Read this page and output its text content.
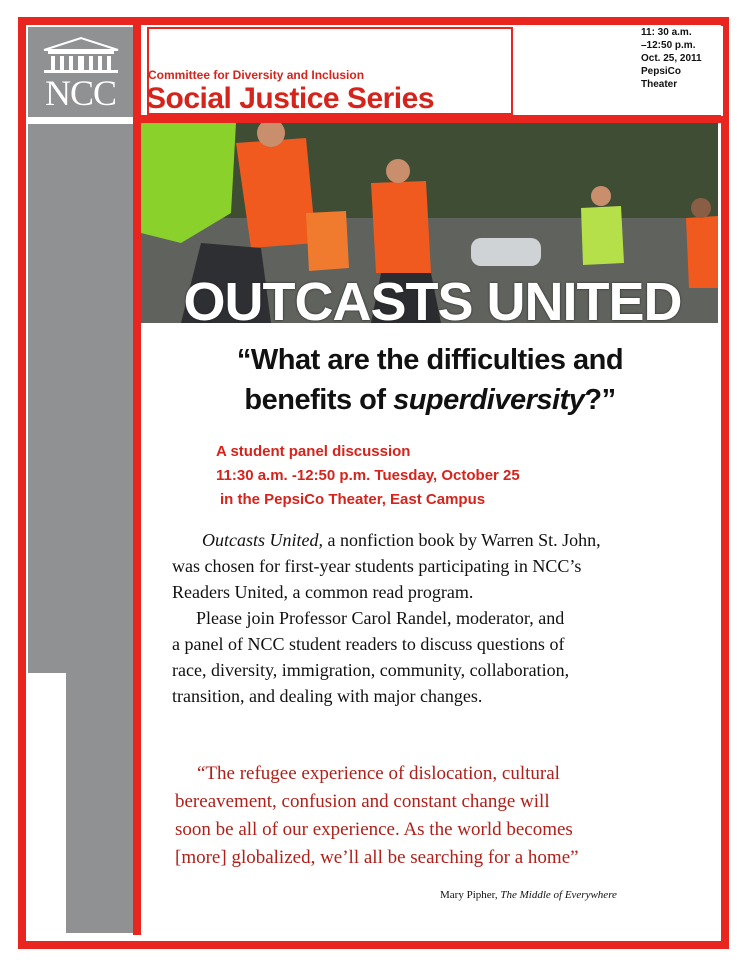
NCC	Committee for Diversity and Inclusion
Social Justice Series
11: 30 a.m.
–12:50 p.m.
Oct. 25, 2011
PepsiCo
Theater
OUTCASTS UNITED
“What are the difficulties and
benefits of superdiversity?”
A student panel discussion
11:30 a.m. -12:50 p.m. Tuesday, October 25
in the PepsiCo Theater, East Campus

Outcasts United, a nonfiction book by Warren St. John,

was chosen for first-year students participating in NCC’s

Readers United, a common read program.

Please join Professor Carol Randel, moderator, and

a panel of NCC student readers to discuss questions of

race, diversity, immigration, community, collaboration,

transition, and dealing with major changes.

“The refugee experience of dislocation, cultural
bereavement, confusion and constant change will
soon be all of our experience. As the world becomes
[more] globalized, we’ll all be searching for a home”
Mary Pipher, The Middle of Everywhere
